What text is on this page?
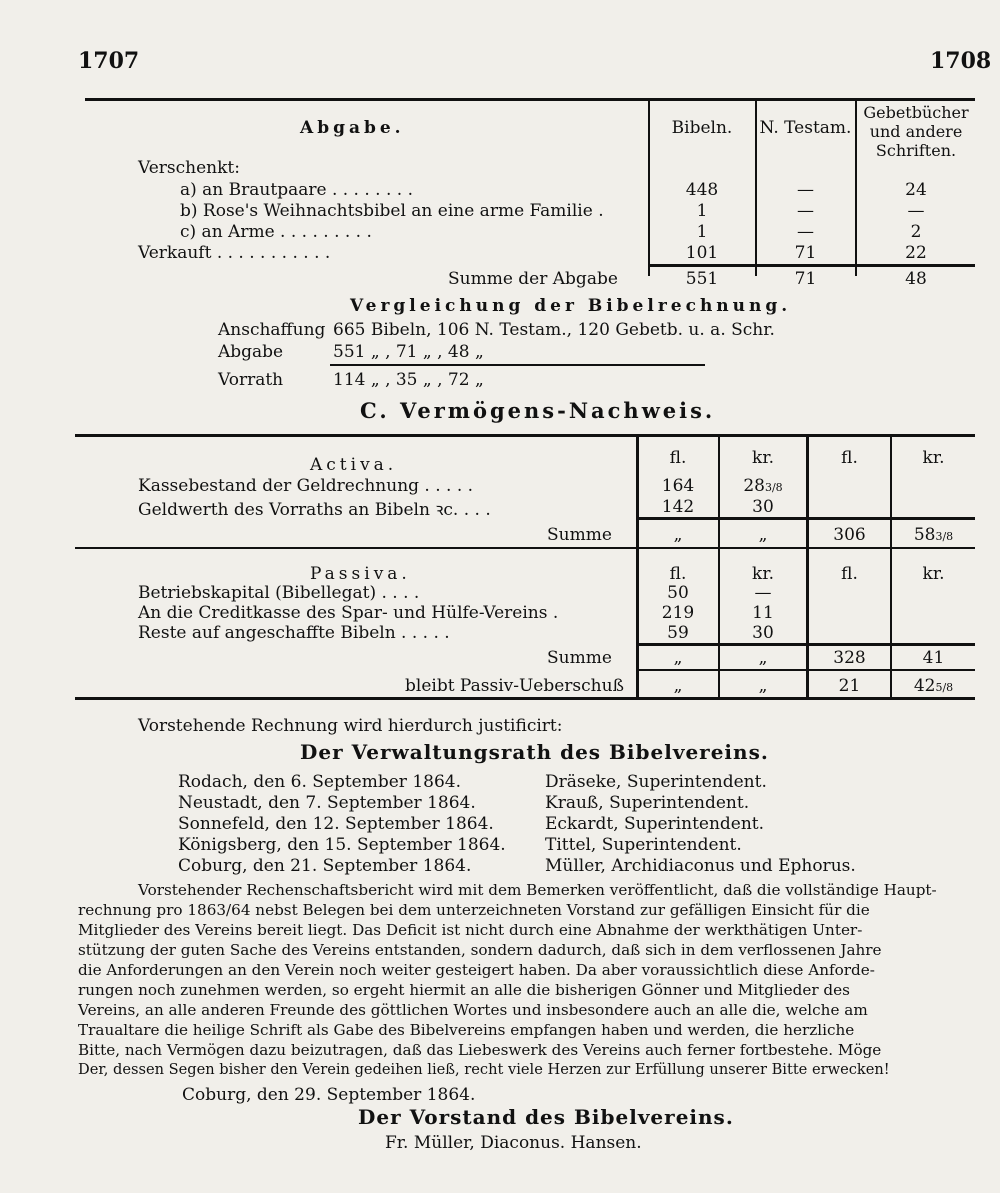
1707	1708
Abgabe.	Bibeln.	N. Testam.
Gebetbücher
und andere
Schriften.
Verschenkt:
a) an Brautpaare . . . . . . . .	448	—	24
b) Rose's Weihnachtsbibel an eine arme Familie .	1	—	—
c) an Arme . . . . . . . . .	1	—	2
Verkauft . . . . . . . . . . .	101	71	22
Summe der Abgabe	551	71	48
Vergleichung der Bibelrechnung.
Anschaffung 665 Bibeln, 106 N. Testam., 120 Gebetb. u. a. Schr.
Abgabe	551 „ , 71 „ , 48 „
Vorrath	114 „ , 35 „ , 72 „
C. Vermögens-Nachweis.
Activa.	fl.	kr.	fl.	kr.
Kassebestand der Geldrechnung . . . . .	164	283/8
Geldwerth des Vorraths an Bibeln ꝛc. . . .	142	30
Summe	„	„	306	583/8
Passiva.	fl.	kr.	fl.	kr.
Betriebskapital (Bibellegat) . . . .	50	—
An die Creditkasse des Spar- und Hülfe-Vereins .	219	11
Reste auf angeschaffte Bibeln . . . . .	59	30
Summe	„	„	328	41
bleibt Passiv-Ueberschuß	„	„	21	425/8
Vorstehende Rechnung wird hierdurch justificirt:
Der Verwaltungsrath des Bibelvereins.
Rodach, den 6. September 1864.	Dräseke, Superintendent.
Neustadt, den 7. September 1864.	Krauß, Superintendent.
Sonnefeld, den 12. September 1864.	Eckardt, Superintendent.
Königsberg, den 15. September 1864. Tittel, Superintendent.
Coburg, den 21. September 1864.	Müller, Archidiaconus und Ephorus.
Vorstehender Rechenschaftsbericht wird mit dem Bemerken veröffentlicht, daß die vollständige Haupt-
rechnung pro 1863/64 nebst Belegen bei dem unterzeichneten Vorstand zur gefälligen Einsicht für die
Mitglieder des Vereins bereit liegt. Das Deficit ist nicht durch eine Abnahme der werkthätigen Unter-
stützung der guten Sache des Vereins entstanden, sondern dadurch, daß sich in dem verflossenen Jahre
die Anforderungen an den Verein noch weiter gesteigert haben. Da aber voraussichtlich diese Anforde-
rungen noch zunehmen werden, so ergeht hiermit an alle die bisherigen Gönner und Mitglieder des
Vereins, an alle anderen Freunde des göttlichen Wortes und insbesondere auch an alle die, welche am
Traualtare die heilige Schrift als Gabe des Bibelvereins empfangen haben und werden, die herzliche
Bitte, nach Vermögen dazu beizutragen, daß das Liebeswerk des Vereins auch ferner fortbestehe. Möge
Der, dessen Segen bisher den Verein gedeihen ließ, recht viele Herzen zur Erfüllung unserer Bitte erwecken!
Coburg, den 29. September 1864.
Der Vorstand des Bibelvereins.
Fr. Müller, Diaconus. Hansen.
